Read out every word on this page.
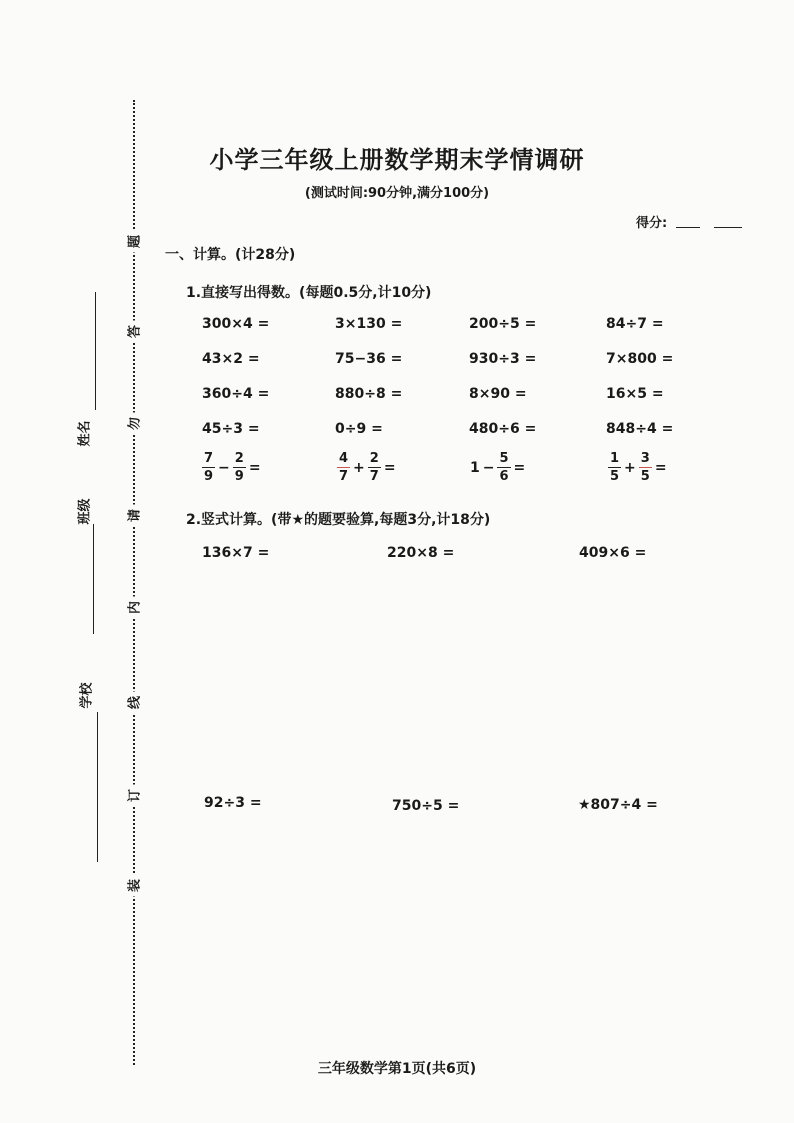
题
答
勿
请
内
线
订
装
姓名
班级
学校
小学三年级上册数学期末学情调研
(测试时间:90分钟,满分100分)
得分:
一、计算。(计28分)
1.直接写出得数。(每题0.5分,计10分)
300×4 =	3×130 =	200÷5 =	84÷7 =
43×2 =	75−36 =	930÷3 =	7×800 =
360÷4 =	880÷8 =	8×90 =	16×5 =
45÷3 =	0÷9 =	480÷6 =	848÷4 =
$\frac{7}{9} - \frac{2}{9}$ =	$\frac{4}{7} + \frac{2}{7}$ =	$1 - \frac{5}{6}$ =	$\frac{1}{5} + \frac{3}{5}$ =
2.竖式计算。(带★的题要验算,每题3分,计18分)
136×7 =	220×8 =	409×6 =
92÷3 =	750÷5 =	★807÷4 =
三年级数学第1页(共6页)
